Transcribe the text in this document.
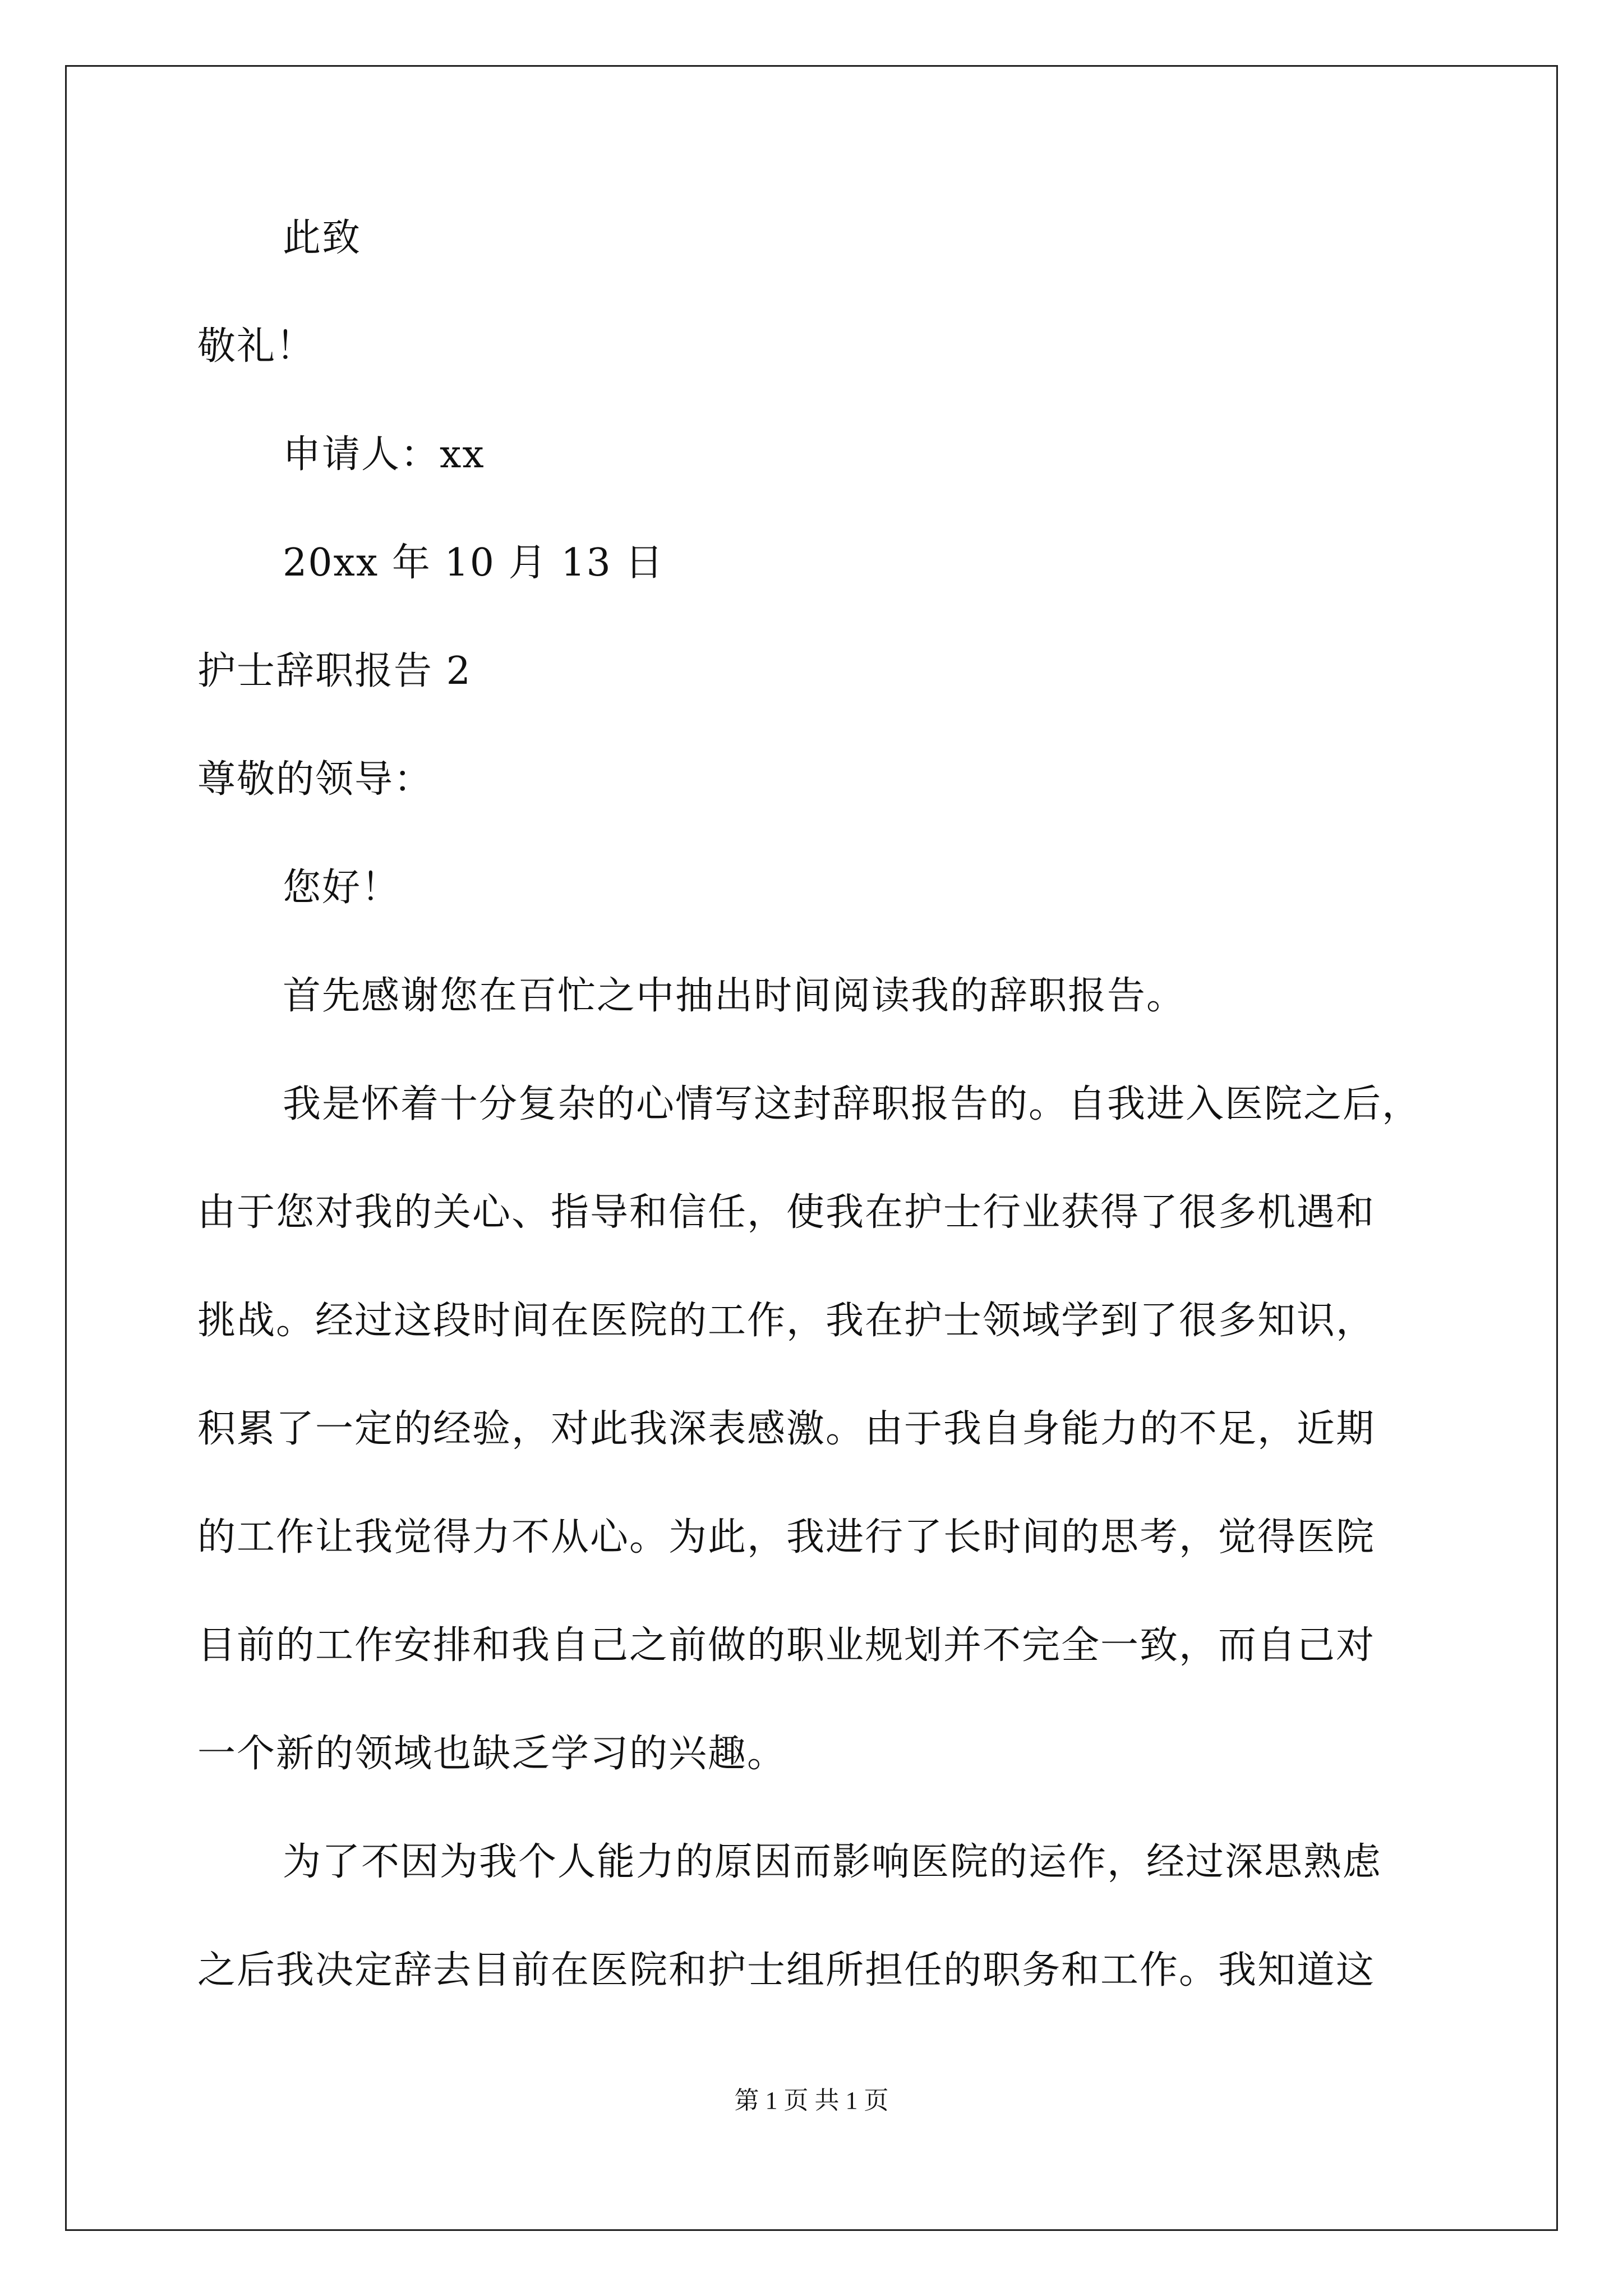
此致
敬礼！
申请人：xx
20xx 年 10 月 13 日
护士辞职报告 2
尊敬的领导：
您好！
首先感谢您在百忙之中抽出时间阅读我的辞职报告。
我是怀着十分复杂的心情写这封辞职报告的。自我进入医院之后，
由于您对我的关心、指导和信任，使我在护士行业获得了很多机遇和
挑战。经过这段时间在医院的工作，我在护士领域学到了很多知识，
积累了一定的经验，对此我深表感激。由于我自身能力的不足，近期
的工作让我觉得力不从心。为此，我进行了长时间的思考，觉得医院
目前的工作安排和我自己之前做的职业规划并不完全一致，而自己对
一个新的领域也缺乏学习的兴趣。
为了不因为我个人能力的原因而影响医院的运作，经过深思熟虑
之后我决定辞去目前在医院和护士组所担任的职务和工作。我知道这
第 1 页 共 1 页
